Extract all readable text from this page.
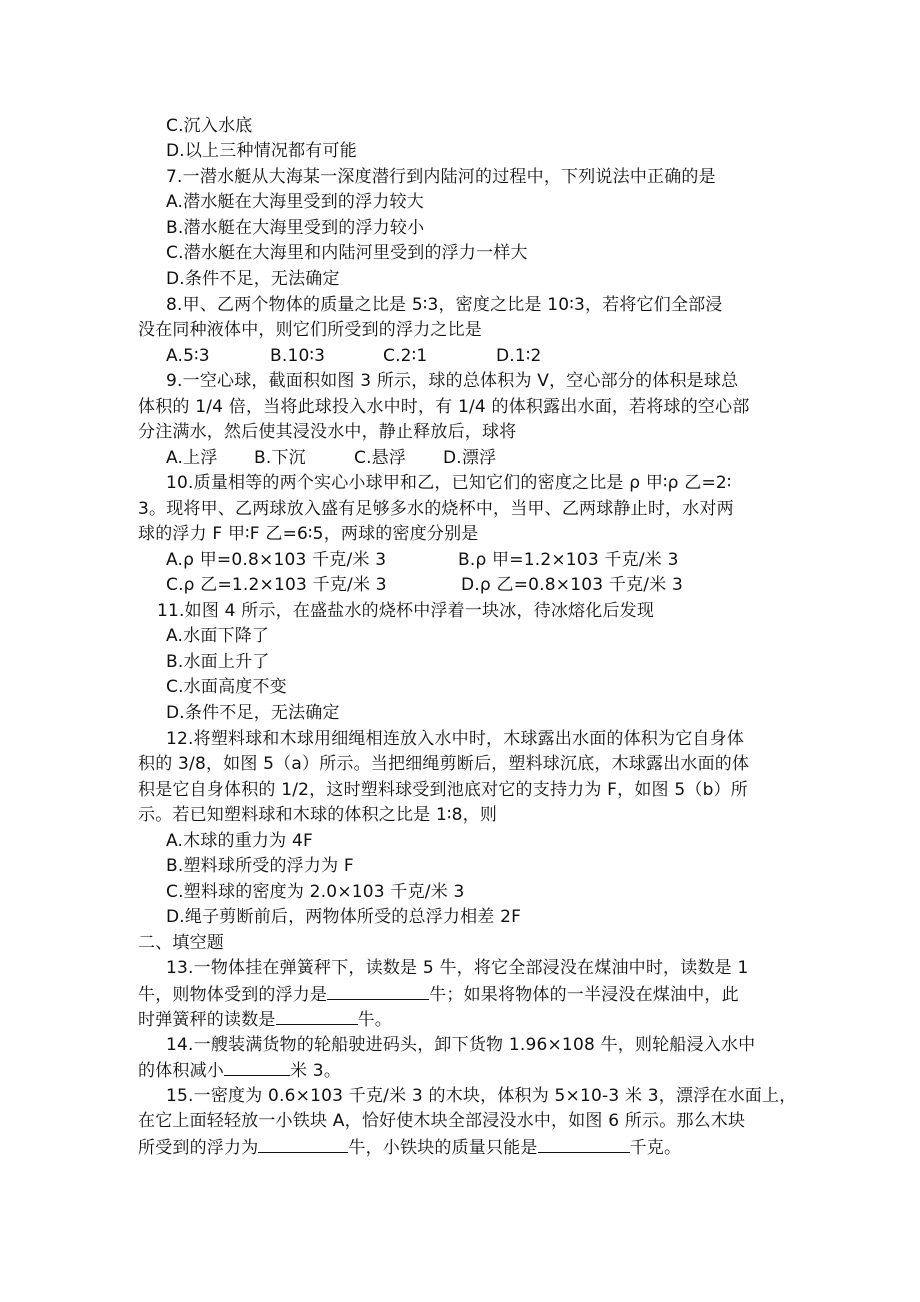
C.沉入水底
D.以上三种情况都有可能
7.一潜水艇从大海某一深度潜行到内陆河的过程中，下列说法中正确的是
A.潜水艇在大海里受到的浮力较大
B.潜水艇在大海里受到的浮力较小
C.潜水艇在大海里和内陆河里受到的浮力一样大
D.条件不足，无法确定
8.甲、乙两个物体的质量之比是 5∶3，密度之比是 10∶3，若将它们全部浸
没在同种液体中，则它们所受到的浮力之比是
A.5∶3	B.10∶3	C.2∶1	D.1∶2
9.一空心球，截面积如图 3 所示，球的总体积为 V，空心部分的体积是球总
体积的 1/4 倍，当将此球投入水中时，有 1/4 的体积露出水面，若将球的空心部
分注满水，然后使其浸没水中，静止释放后，球将
A.上浮 B.下沉	C.悬浮 D.漂浮
10.质量相等的两个实心小球甲和乙，已知它们的密度之比是 ρ 甲∶ρ 乙=2∶
3。现将甲、乙两球放入盛有足够多水的烧杯中，当甲、乙两球静止时，水对两
球的浮力 F 甲∶F 乙=6∶5，两球的密度分别是
A.ρ 甲=0.8×103 千克/米 3	B.ρ 甲=1.2×103 千克/米 3
C.ρ 乙=1.2×103 千克/米 3	D.ρ 乙=0.8×103 千克/米 3
11.如图 4 所示，在盛盐水的烧杯中浮着一块冰，待冰熔化后发现
A.水面下降了
B.水面上升了
C.水面高度不变
D.条件不足，无法确定
12.将塑料球和木球用细绳相连放入水中时，木球露出水面的体积为它自身体
积的 3/8，如图 5（a）所示。当把细绳剪断后，塑料球沉底，木球露出水面的体
积是它自身体积的 1/2，这时塑料球受到池底对它的支持力为 F，如图 5（b）所
示。若已知塑料球和木球的体积之比是 1∶8，则
A.木球的重力为 4F
B.塑料球所受的浮力为 F
C.塑料球的密度为 2.0×103 千克/米 3
D.绳子剪断前后，两物体所受的总浮力相差 2F
二、填空题
13.一物体挂在弹簧秤下，读数是 5 牛，将它全部浸没在煤油中时，读数是 1
牛，则物体受到的浮力是	牛；如果将物体的一半浸没在煤油中，此
时弹簧秤的读数是	牛。
14.一艘装满货物的轮船驶进码头，卸下货物 1.96×108 牛，则轮船浸入水中
的体积减小	米 3。
15.一密度为 0.6×103 千克/米 3 的木块，体积为 5×10-3 米 3，漂浮在水面上，
在它上面轻轻放一小铁块 A，恰好使木块全部浸没水中，如图 6 所示。那么木块
所受到的浮力为	牛，小铁块的质量只能是	千克。
